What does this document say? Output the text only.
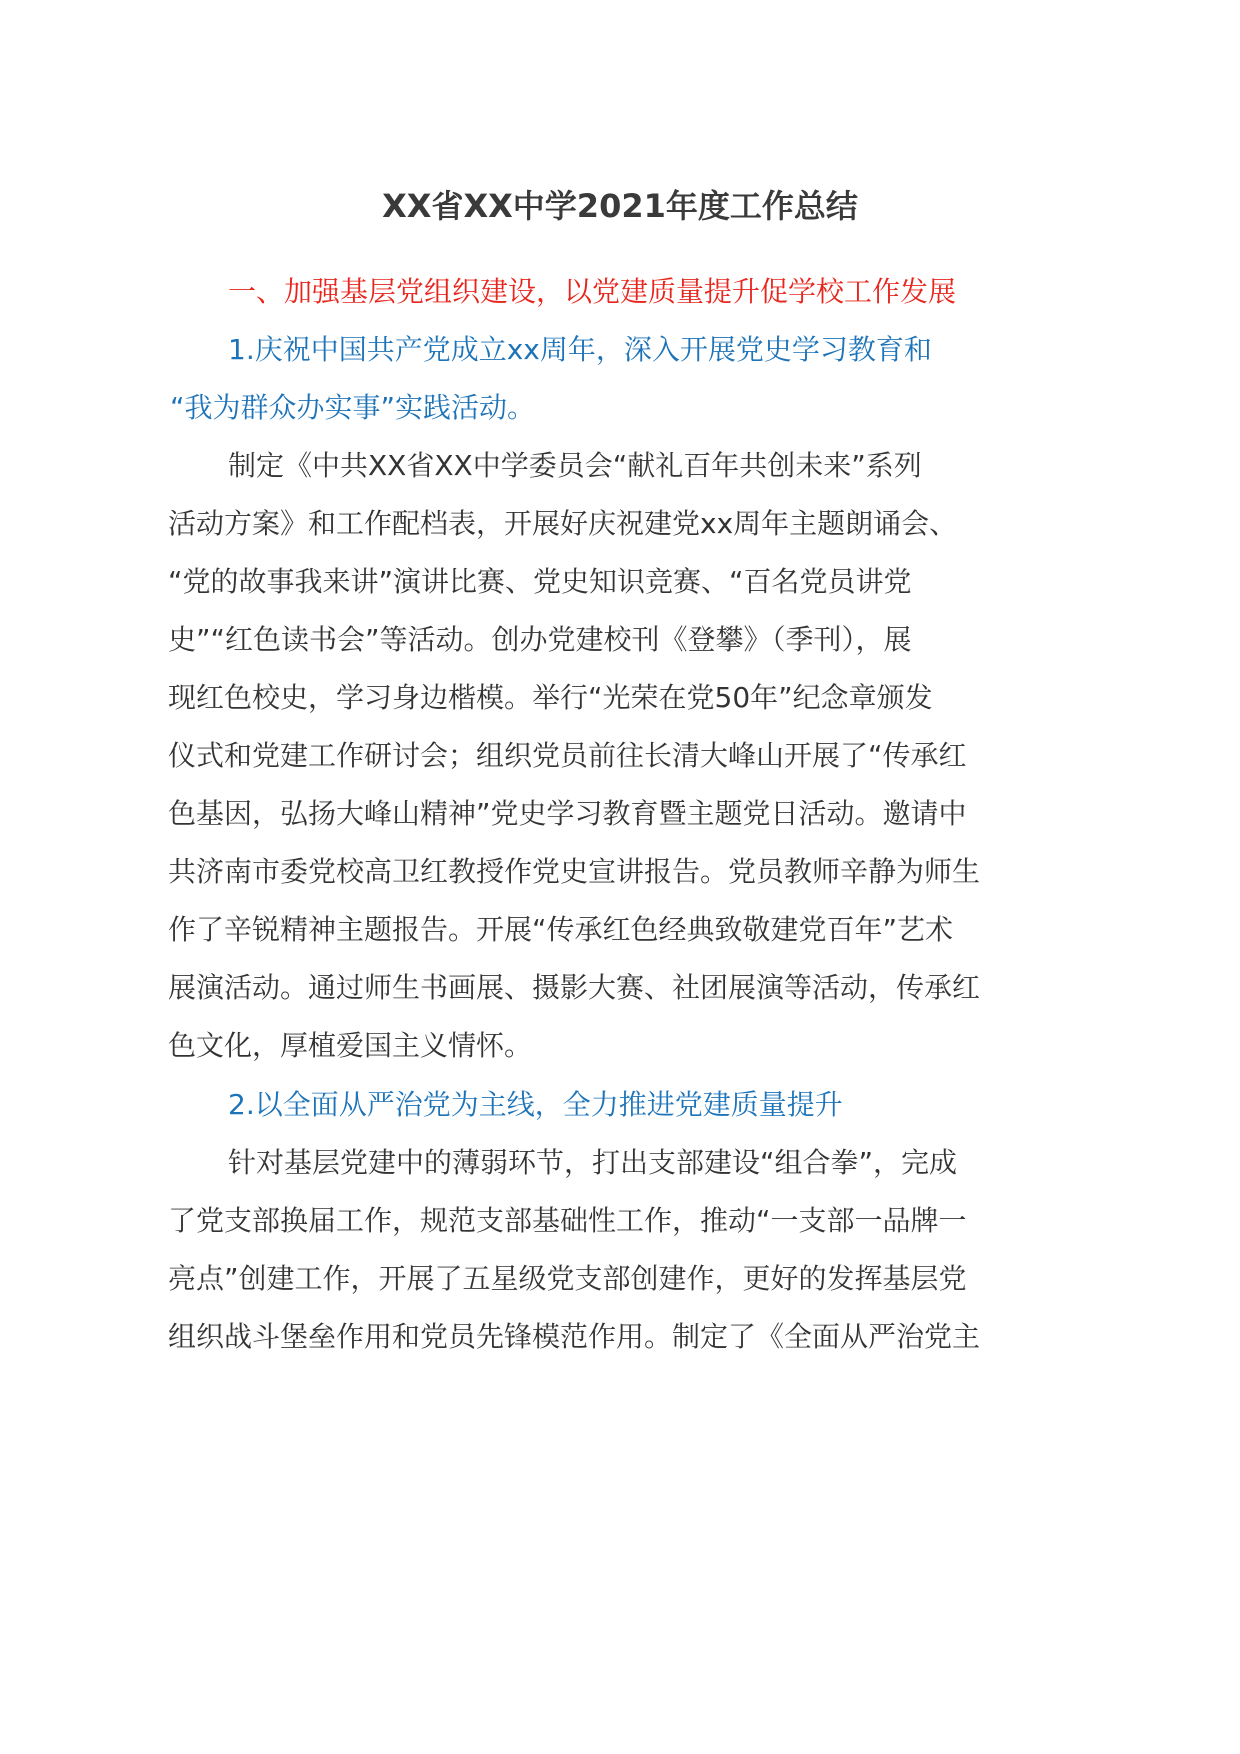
XX省XX中学2021年度工作总结
一、加强基层党组织建设，以党建质量提升促学校工作发展
1.庆祝中国共产党成立xx周年，深入开展党史学习教育和
“我为群众办实事”实践活动。
制定《中共XX省XX中学委员会“献礼百年共创未来”系列
活动方案》和工作配档表，开展好庆祝建党xx周年主题朗诵会、
“党的故事我来讲”演讲比赛、党史知识竞赛、“百名党员讲党
史”“红色读书会”等活动。创办党建校刊《登攀》（季刊），展
现红色校史，学习身边楷模。举行“光荣在党50年”纪念章颁发
仪式和党建工作研讨会；组织党员前往长清大峰山开展了“传承红
色基因，弘扬大峰山精神”党史学习教育暨主题党日活动。邀请中
共济南市委党校高卫红教授作党史宣讲报告。党员教师辛静为师生
作了辛锐精神主题报告。开展“传承红色经典致敬建党百年”艺术
展演活动。通过师生书画展、摄影大赛、社团展演等活动，传承红
色文化，厚植爱国主义情怀。
2.以全面从严治党为主线，全力推进党建质量提升
针对基层党建中的薄弱环节，打出支部建设“组合拳”，完成
了党支部换届工作，规范支部基础性工作，推动“一支部一品牌一
亮点”创建工作，开展了五星级党支部创建作，更好的发挥基层党
组织战斗堡垒作用和党员先锋模范作用。制定了《全面从严治党主
